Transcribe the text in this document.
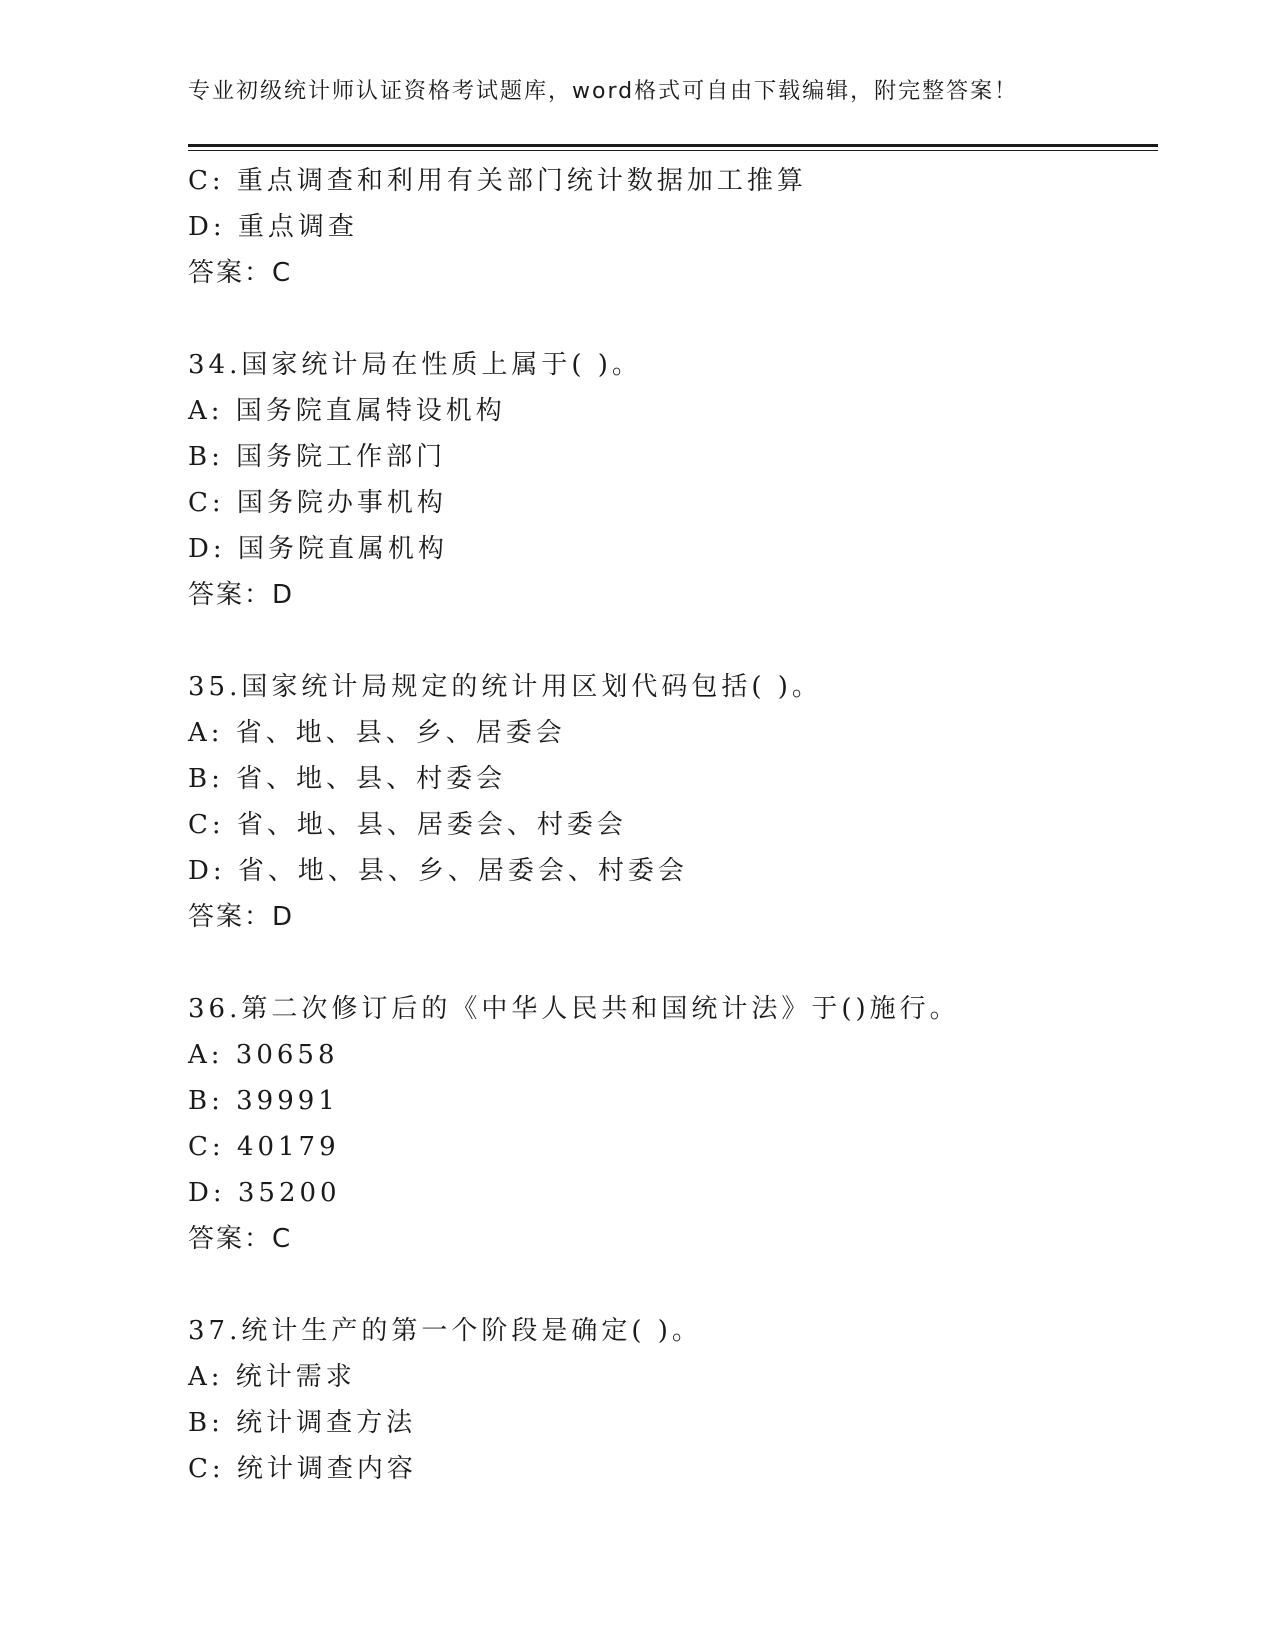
专业初级统计师认证资格考试题库，word格式可自由下载编辑，附完整答案！
C: 重点调查和利用有关部门统计数据加工推算
D: 重点调查
答案：C
34.国家统计局在性质上属于( )。
A: 国务院直属特设机构
B: 国务院工作部门
C: 国务院办事机构
D: 国务院直属机构
答案：D
35.国家统计局规定的统计用区划代码包括( )。
A: 省、地、县、乡、居委会
B: 省、地、县、村委会
C: 省、地、县、居委会、村委会
D: 省、地、县、乡、居委会、村委会
答案：D
36.第二次修订后的《中华人民共和国统计法》于()施行。
A: 30658
B: 39991
C: 40179
D: 35200
答案：C
37.统计生产的第一个阶段是确定( )。
A: 统计需求
B: 统计调查方法
C: 统计调查内容
